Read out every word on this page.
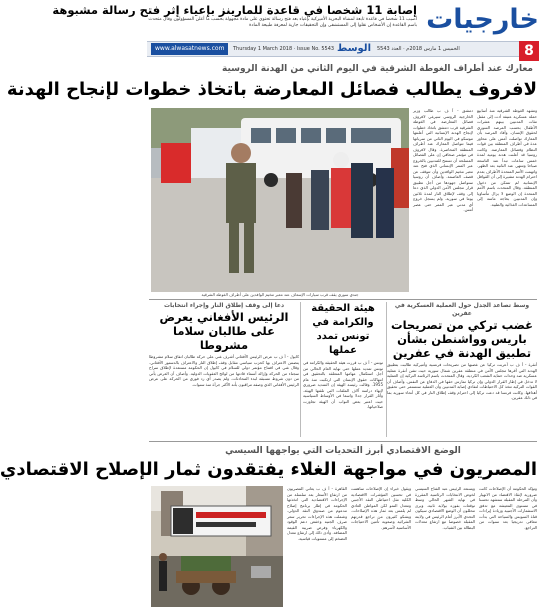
خارجيات
إصابة 11 شخصا في قاعدة للمارينز بإعياء إثر فتح رسالة مشبوهة
أصيب 11 شخصا في قاعدة تابعة لمشاة البحرية الأميركية بإعياء بعد فتح رسالة تحتوي على مادة مجهولة بحسب ما أعلن المسؤولون وقال متحدث باسم القاعدة إن الأشخاص نقلوا إلى المستشفى وإن التحقيقات جارية لمعرفة طبيعة المادة
www.alwasatnews.com	Thursday 1 March 2018 · Issue No. 5543 الوسط الخميس 1 مارس 2018م · العدد 5543	8
معارك عند أطراف الغوطة الشرقية في اليوم الثاني من الهدنة الروسية
لافروف يطالب فصائل المعارضة باتخاذ خطوات لإنجاح الهدنة
جندي سوري يقف قرب سيارات الإسعاف عند معبر مخيم الوافدين على أطراف الغوطة الشرقية
دمشق - أ ف ب طالب وزير الخارجية الروسي سيرغي لافروف فصائل المعارضة في الغوطة الشرقية قرب دمشق باتخاذ خطوات لإنجاح الهدنة الإنسانية التي أعلنتها موسكو في اليوم الثاني من سريانها فيما تتواصل المعارك عند أطراف المنطقة المحاصرة. وقال لافروف في مؤتمر صحافي إن على الفصائل المسلحة أن تسمح للمدنيين بالخروج عبر الممر الإنساني الذي فتح عند معبر مخيم الوافدين وأن تتوقف عن قصف العاصمة. وأضاف أن روسيا ستواصل جهودها من أجل تطبيق قرار مجلس الأمن الدولي الذي دعا إلى وقف لإطلاق النار لمدة ثلاثين يوما في سورية. ولم يسجل خروج أي مدني عبر الممر حتى عصر أمس.
وتشهد الغوطة الشرقية منذ أسابيع حملة عسكرية عنيفة أدت إلى مقتل مئات المدنيين بينهم عشرات الأطفال بحسب المرصد السوري لحقوق الإنسان. وأفاد المرصد بأن المعارك تواصلت أمس على محاور عدة في أطراف المنطقة بين قوات النظام وفصائل المعارضة. وكانت روسيا قد أعلنت هدنة يومية لمدة خمس ساعات تبدأ عند التاسعة صباحا وتنتهي عند الثانية بعد الظهر. واتهمت الأمم المتحدة الأطراف بعدم احترام الهدنة مشيرة إلى أن القوافل الإنسانية لم تتمكن من دخول المنطقة. وقال المتحدث باسم الأمم المتحدة إن الوضع لا يزال مأساويا وإن المدنيين بحاجة ماسة إلى المساعدات الغذائية والطبية.
وسط تصاعد الجدل حول العملية العسكرية في عفرين
غضب تركي من تصريحات باريس وواشنطن بشأن تطبيق الهدنة في عفرين
أنقرة - أ ف ب أعربت تركيا عن غضبها من تصريحات فرنسية وأميركية طالبت بتطبيق الهدنة التي أقرها مجلس الأمن في منطقة عفرين شمال سورية حيث تشن أنقرة عملية عسكرية ضد وحدات حماية الشعب الكردية. وقال المتحدث باسم الرئاسة التركية إن العملية لا تدخل في إطار القرار الدولي وإن تركيا تمارس حقها في الدفاع عن النفس. وأضاف أن القوات التركية تتخذ كل الاحتياطات لتفادي إصابة المدنيين وأن العملية ستستمر حتى تحقيق أهدافها. وكانت فرنسا قد دعت تركيا إلى احترام وقف إطلاق النار في كل أنحاء سورية بما في ذلك عفرين.
هيئة الحقيقة والكرامة في تونس تمدد عملها
تونس - أ ف ب قررت هيئة الحقيقة والكرامة في تونس تمديد عملها حتى نهاية العام الحالي من أجل استكمال مهامها المتعلقة بالتحقيق في انتهاكات حقوق الإنسان التي ارتكبت منذ عام 1955. وقالت رئيسة الهيئة إن التمديد ضروري لإنهاء دراسة آلاف الملفات التي تلقتها الهيئة. وأثار القرار جدلا واسعا في الأوساط السياسية حيث اعتبر بعض النواب أن الهيئة تجاوزت صلاحياتها.
دعا إلى وقف إطلاق النار وإجراء انتخابات
الرئيس الأفغاني يعرض على طالبان سلاما مشروطا
كابول - أ ف ب عرض الرئيس الأفغاني أشرف غني على حركة طالبان اتفاق سلام مشروطا يتضمن الاعتراف بها كحزب سياسي مقابل وقف إطلاق النار والاعتراف بالدستور الأفغاني. وقال غني في افتتاح مؤتمر دولي للسلام في كابول إن الحكومة مستعدة لإطلاق سراح سجناء من الحركة وإزالة أسماء قادتها من لوائح العقوبات الدولية. وأضاف أن العرض يأتي من دون شروط مسبقة لبدء المحادثات. ولم يصدر أي رد فوري من الحركة على عرض الرئيس الأفغاني الذي وصفه مراقبون بأنه الأكثر جرأة منذ سنوات.
الوضع الاقتصادي أبرز التحديات التي يواجهها السيسي
المصريون في مواجهة الغلاء يفتقدون ثمار الإصلاح الاقتصادي
القاهرة - أ ف ب يعاني المصريون من ارتفاع الأسعار بعد سلسلة من الإجراءات الاقتصادية التي اتخذتها الحكومة في إطار برنامج إصلاح مدعوم من صندوق النقد الدولي. وشملت هذه الإجراءات تحرير سعر صرف الجنيه وخفض دعم الوقود والكهرباء وفرض ضريبة القيمة المضافة. وأدى ذلك إلى ارتفاع معدل التضخم إلى مستويات قياسية.
ويقول خبراء إن الإصلاحات ساهمت في تحسين المؤشرات الاقتصادية الكلية مثل احتياطي النقد الأجنبي ومعدل النمو لكن المواطن العادي لم يلمس بعد ثمار هذه الإصلاحات. ويشكو كثيرون من تراجع قدرتهم الشرائية وصعوبة تأمين الاحتياجات الأساسية لأسرهم.
ويستعد الرئيس عبد الفتاح السيسي لخوض الانتخابات الرئاسية المقررة في نهاية الشهر الحالي وسط توقعات بفوزه بولاية ثانية. ويرى محللون أن الوضع الاقتصادي سيكون التحدي الأبرز أمام الرئيس في ولايته المقبلة خصوصا مع ارتفاع معدلات البطالة بين الشباب.
وتؤكد الحكومة أن الإصلاحات كانت ضرورية لإنقاذ الاقتصاد من الانهيار وأن المرحلة المقبلة ستشهد تحسنا في مستوى المعيشة مع تدفق الاستثمارات الأجنبية وزيادة إيرادات قناة السويس والسياحة التي بدأت تتعافى تدريجيا بعد سنوات من التراجع.
